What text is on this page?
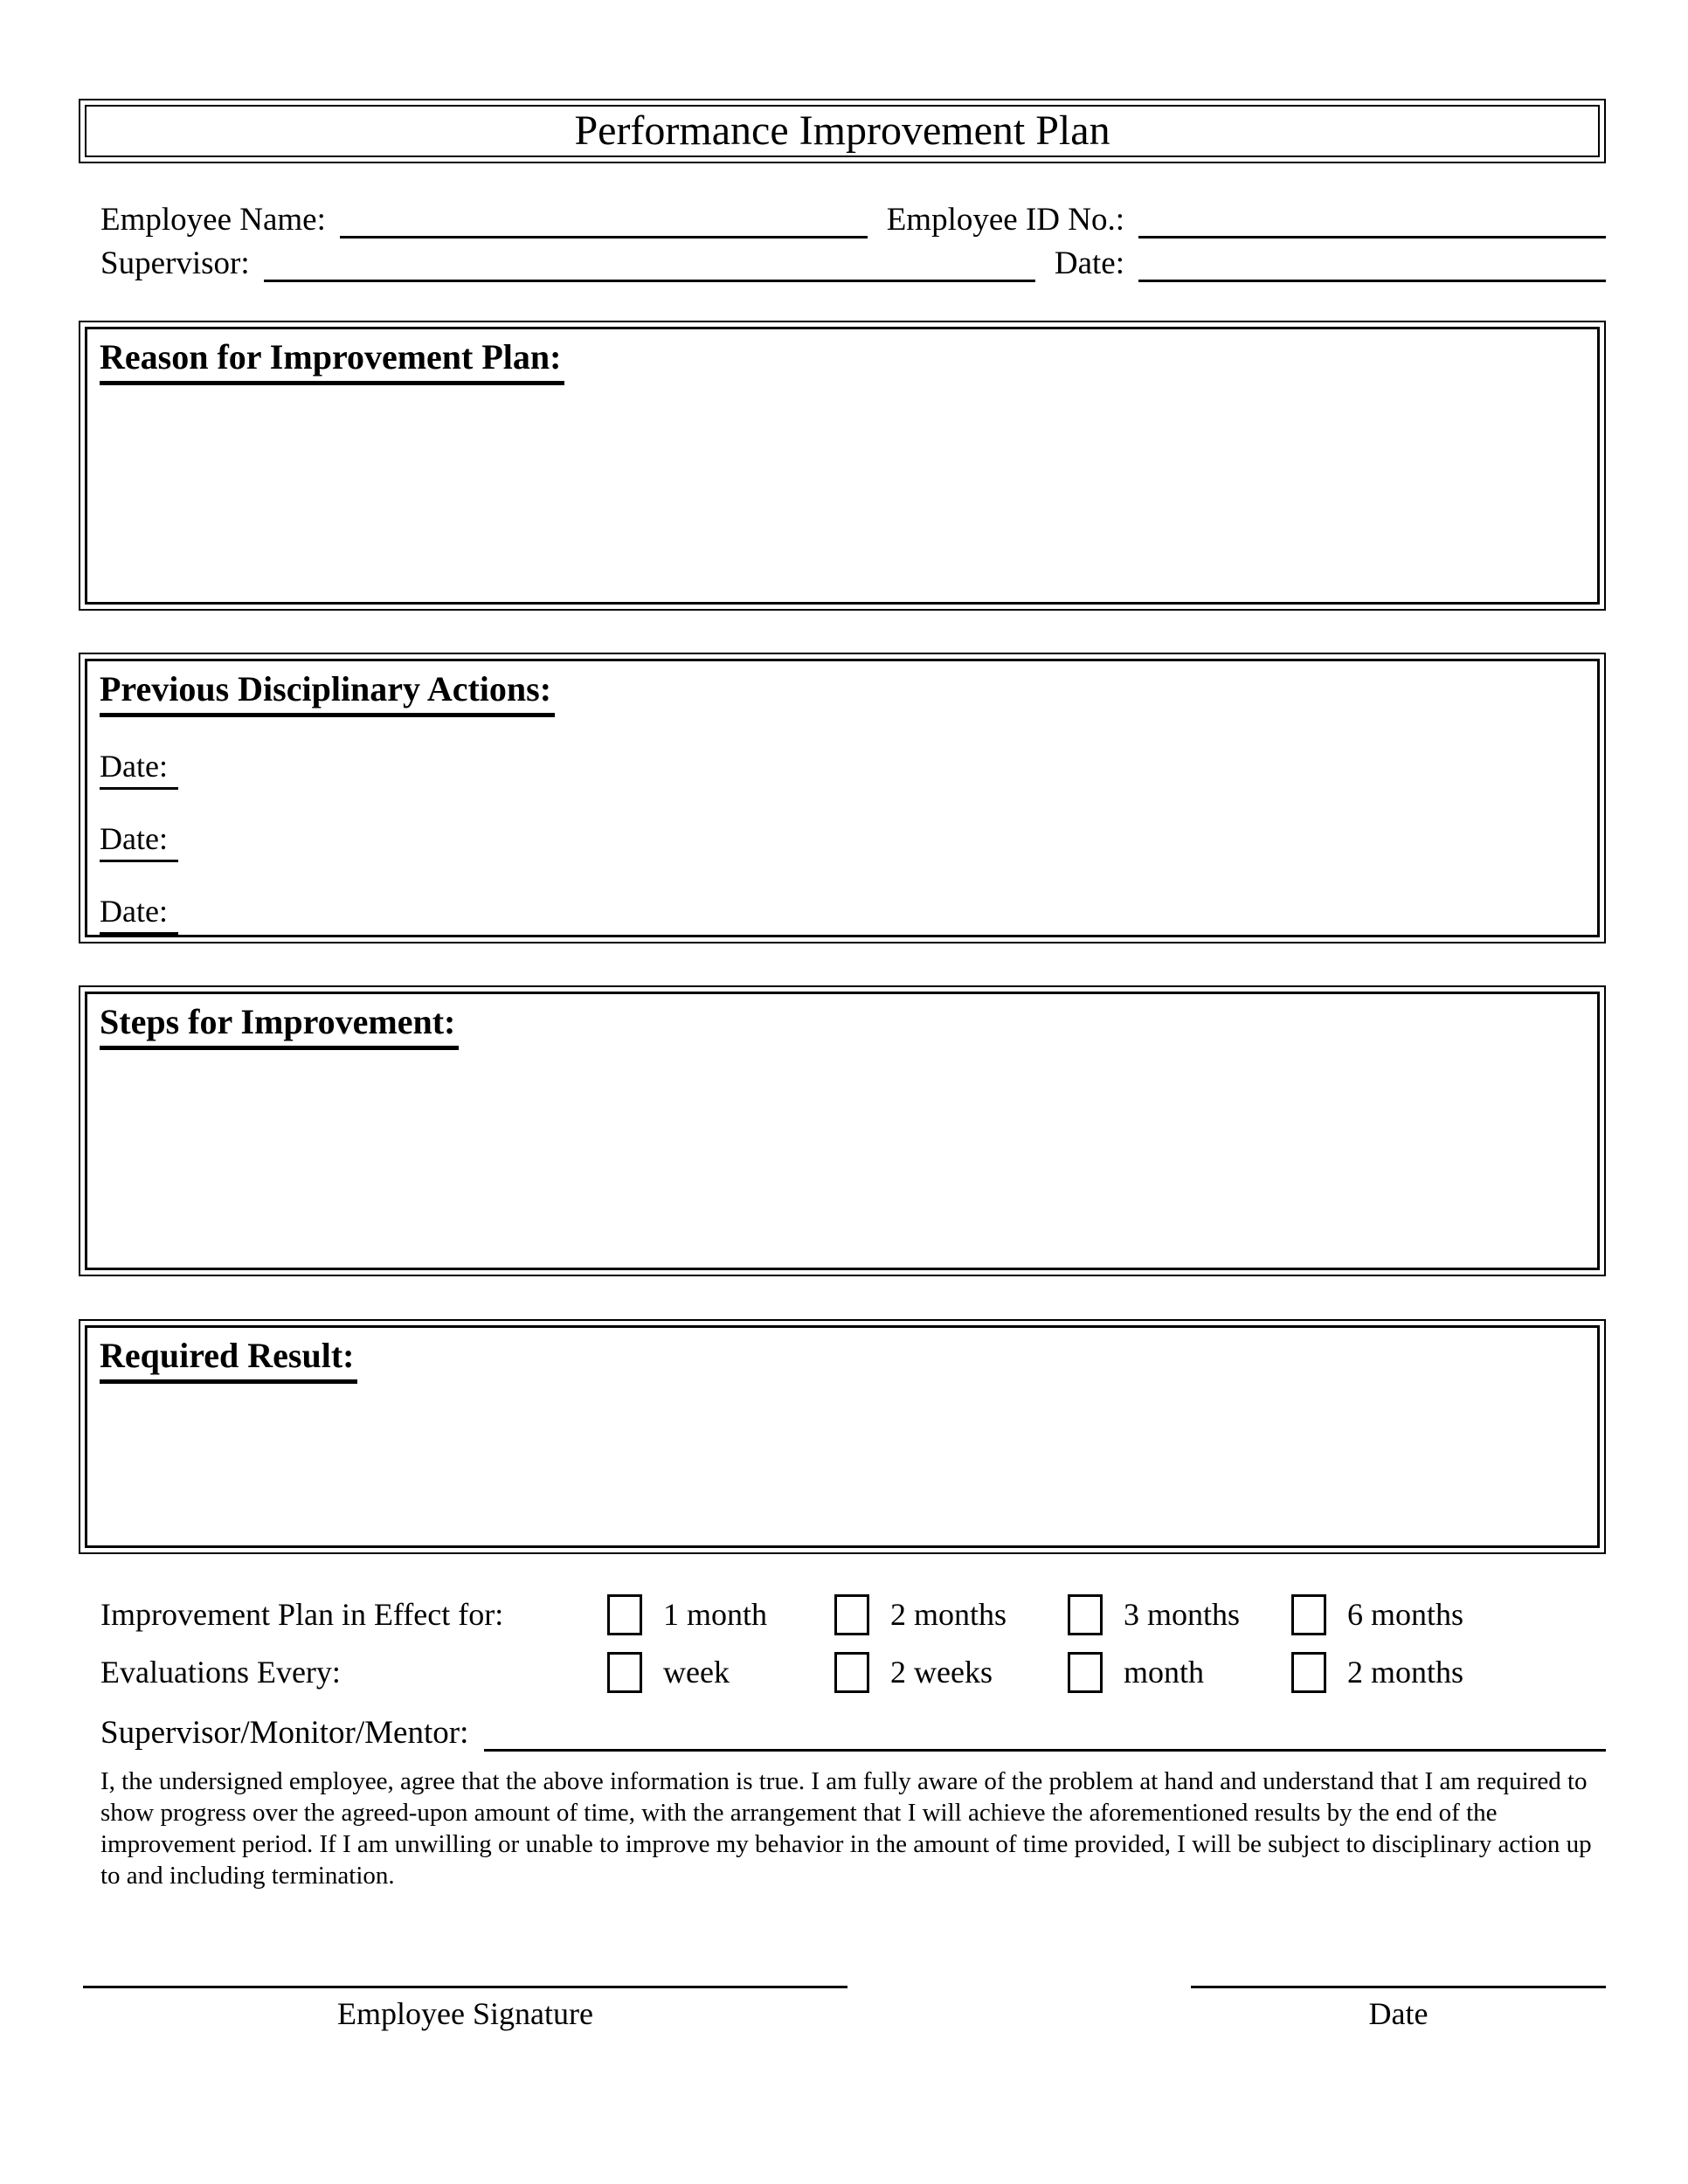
Performance Improvement Plan
Employee Name:	Employee ID No.:
Supervisor:	Date:
Reason for Improvement Plan:
Previous Disciplinary Actions:
Date:
Date:
Date:
Steps for Improvement:
Required Result:
Improvement Plan in Effect for:	1 month	2 months	3 months	6 months
Evaluations Every:	week	2 weeks	month	2 months
Supervisor/Monitor/Mentor:
I, the undersigned employee, agree that the above information is true. I am fully aware of the problem at hand and understand that I am required to show progress over the agreed-upon amount of time, with the arrangement that I will achieve the aforementioned results by the end of the improvement period. If I am unwilling or unable to improve my behavior in the amount of time provided, I will be subject to disciplinary action up to and including termination.
Employee Signature	Date
